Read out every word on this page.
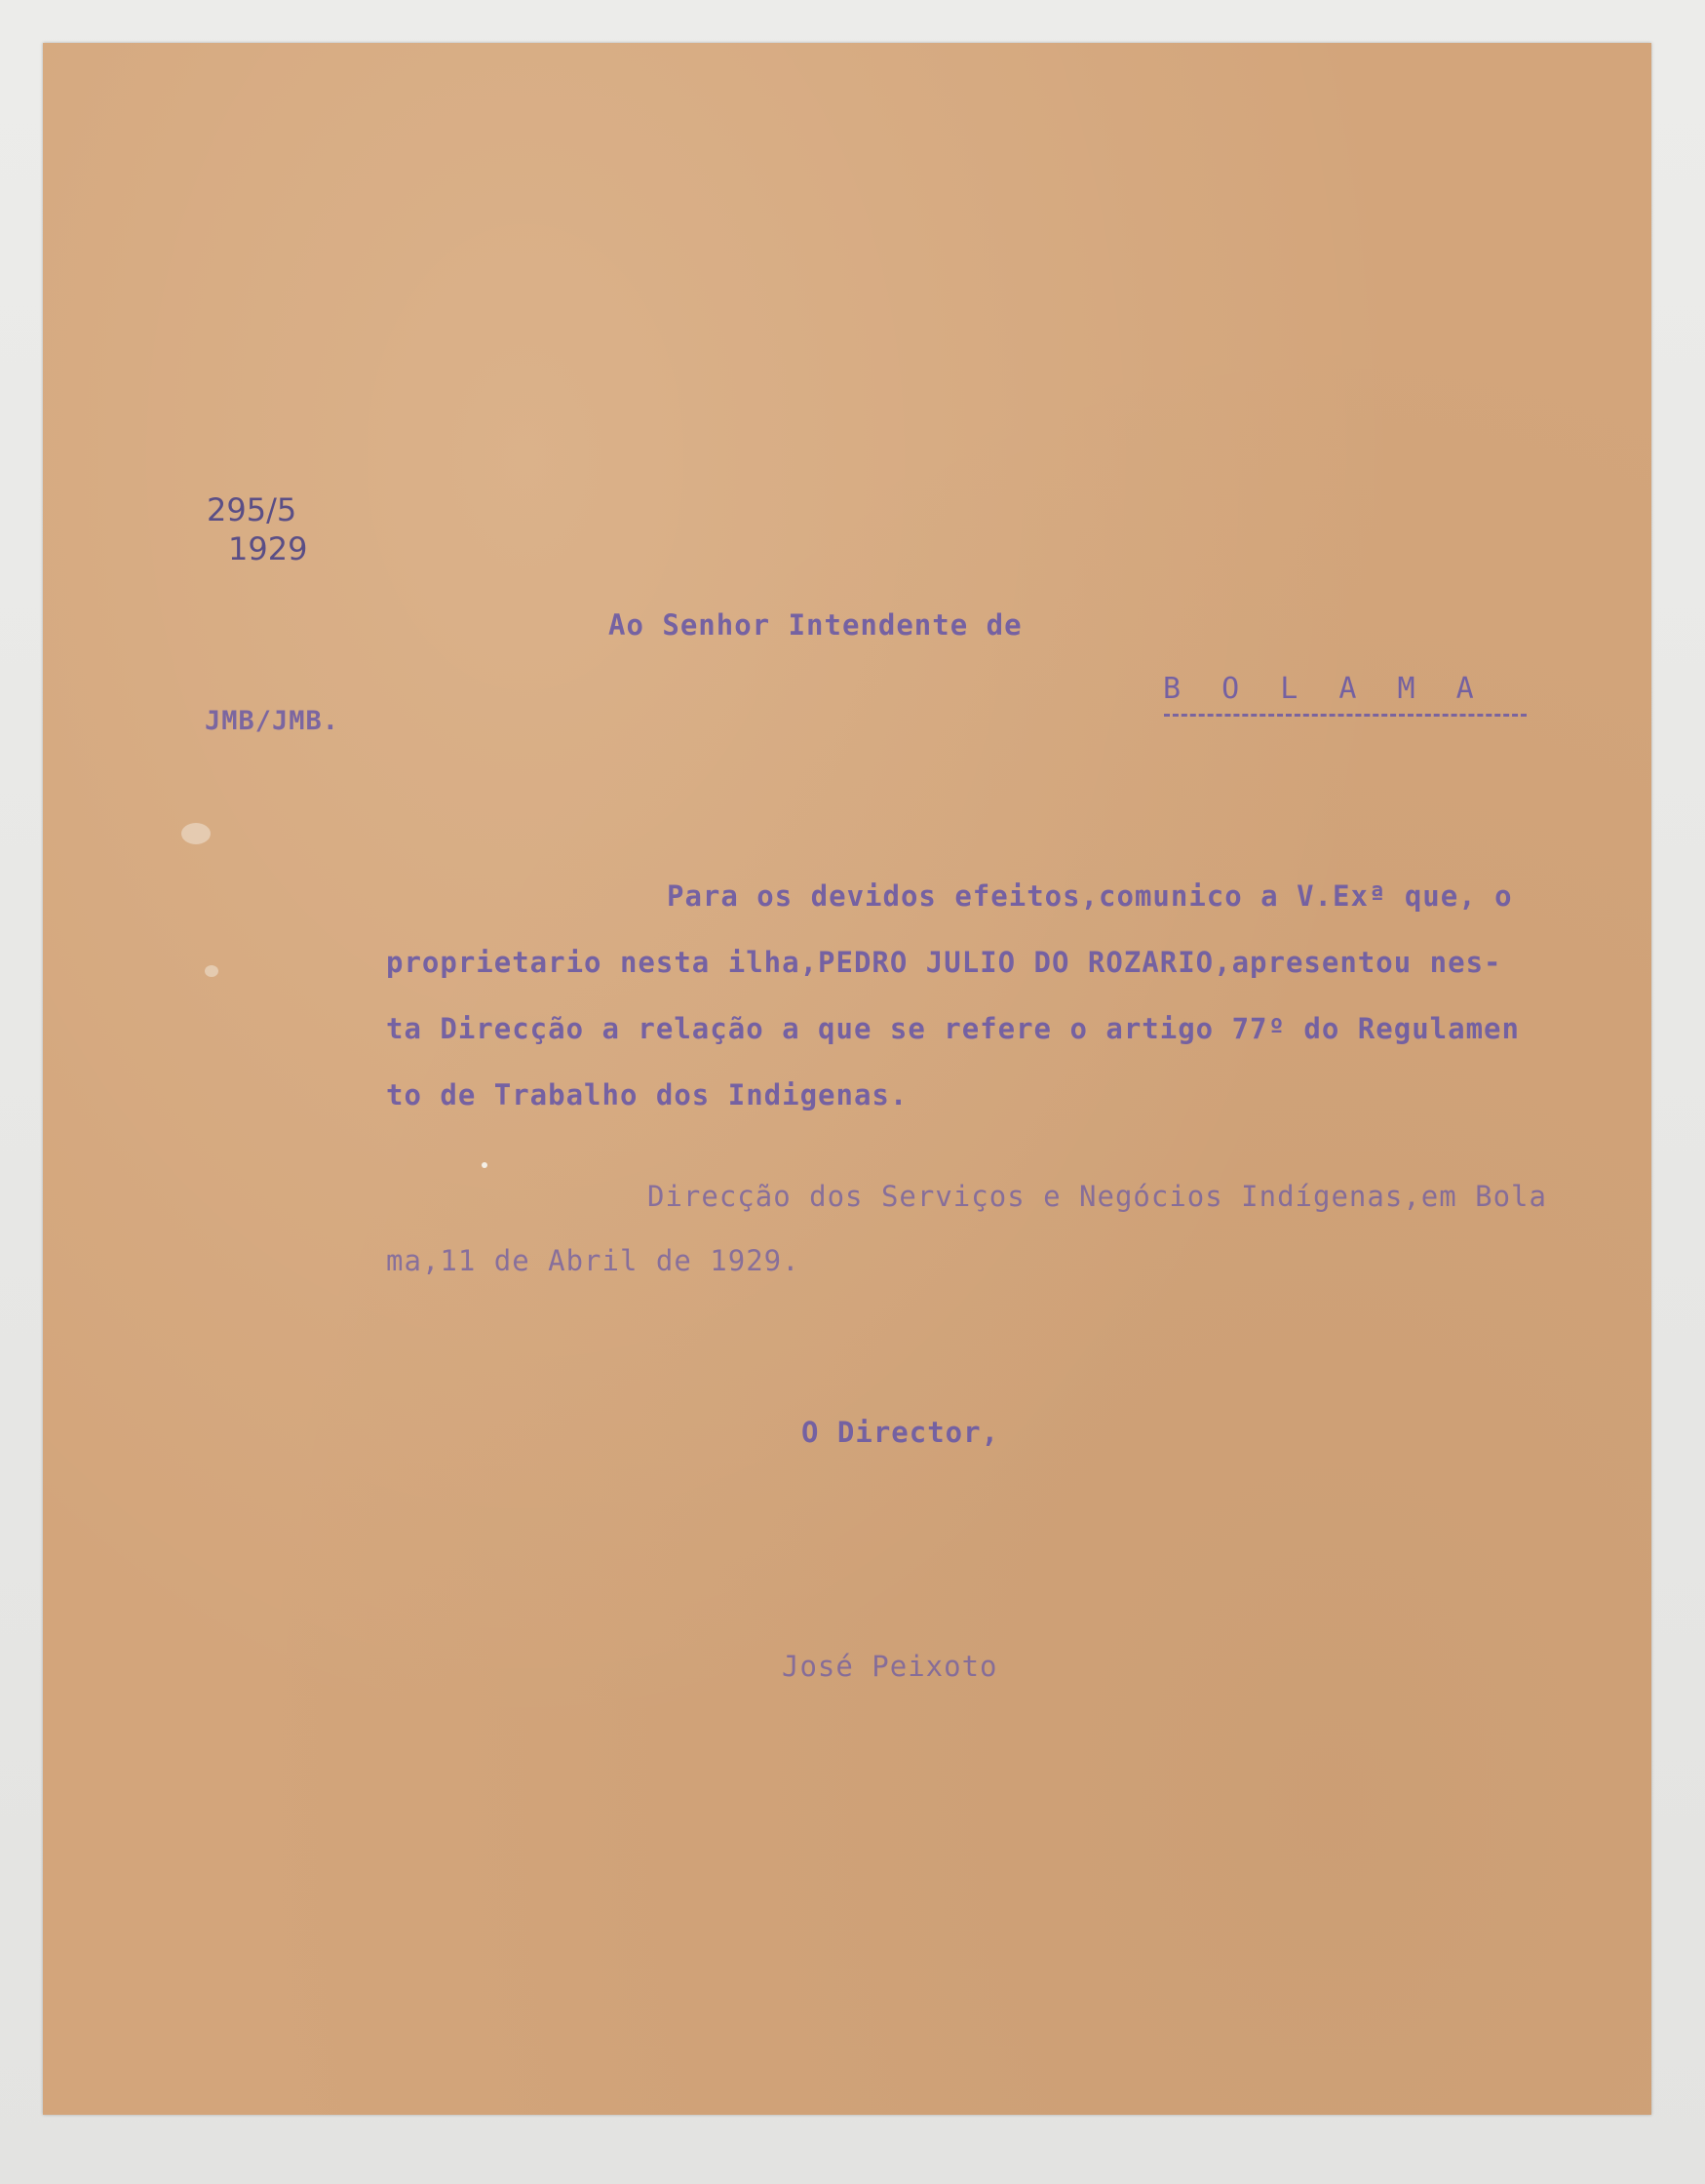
295/5
1929
JMB/JMB.
Ao Senhor Intendente de
B O L A M A
Para os devidos efeitos,comunico a V.Exª que, o
proprietario nesta ilha,PEDRO JULIO DO ROZARIO,apresentou nes-
ta Direcção a relação a que se refere o artigo 77º do Regulamen
to de Trabalho dos Indigenas.
Direcção dos Serviços e Negócios Indígenas,em Bola
ma,11 de Abril de 1929.
O Director,
José Peixoto
